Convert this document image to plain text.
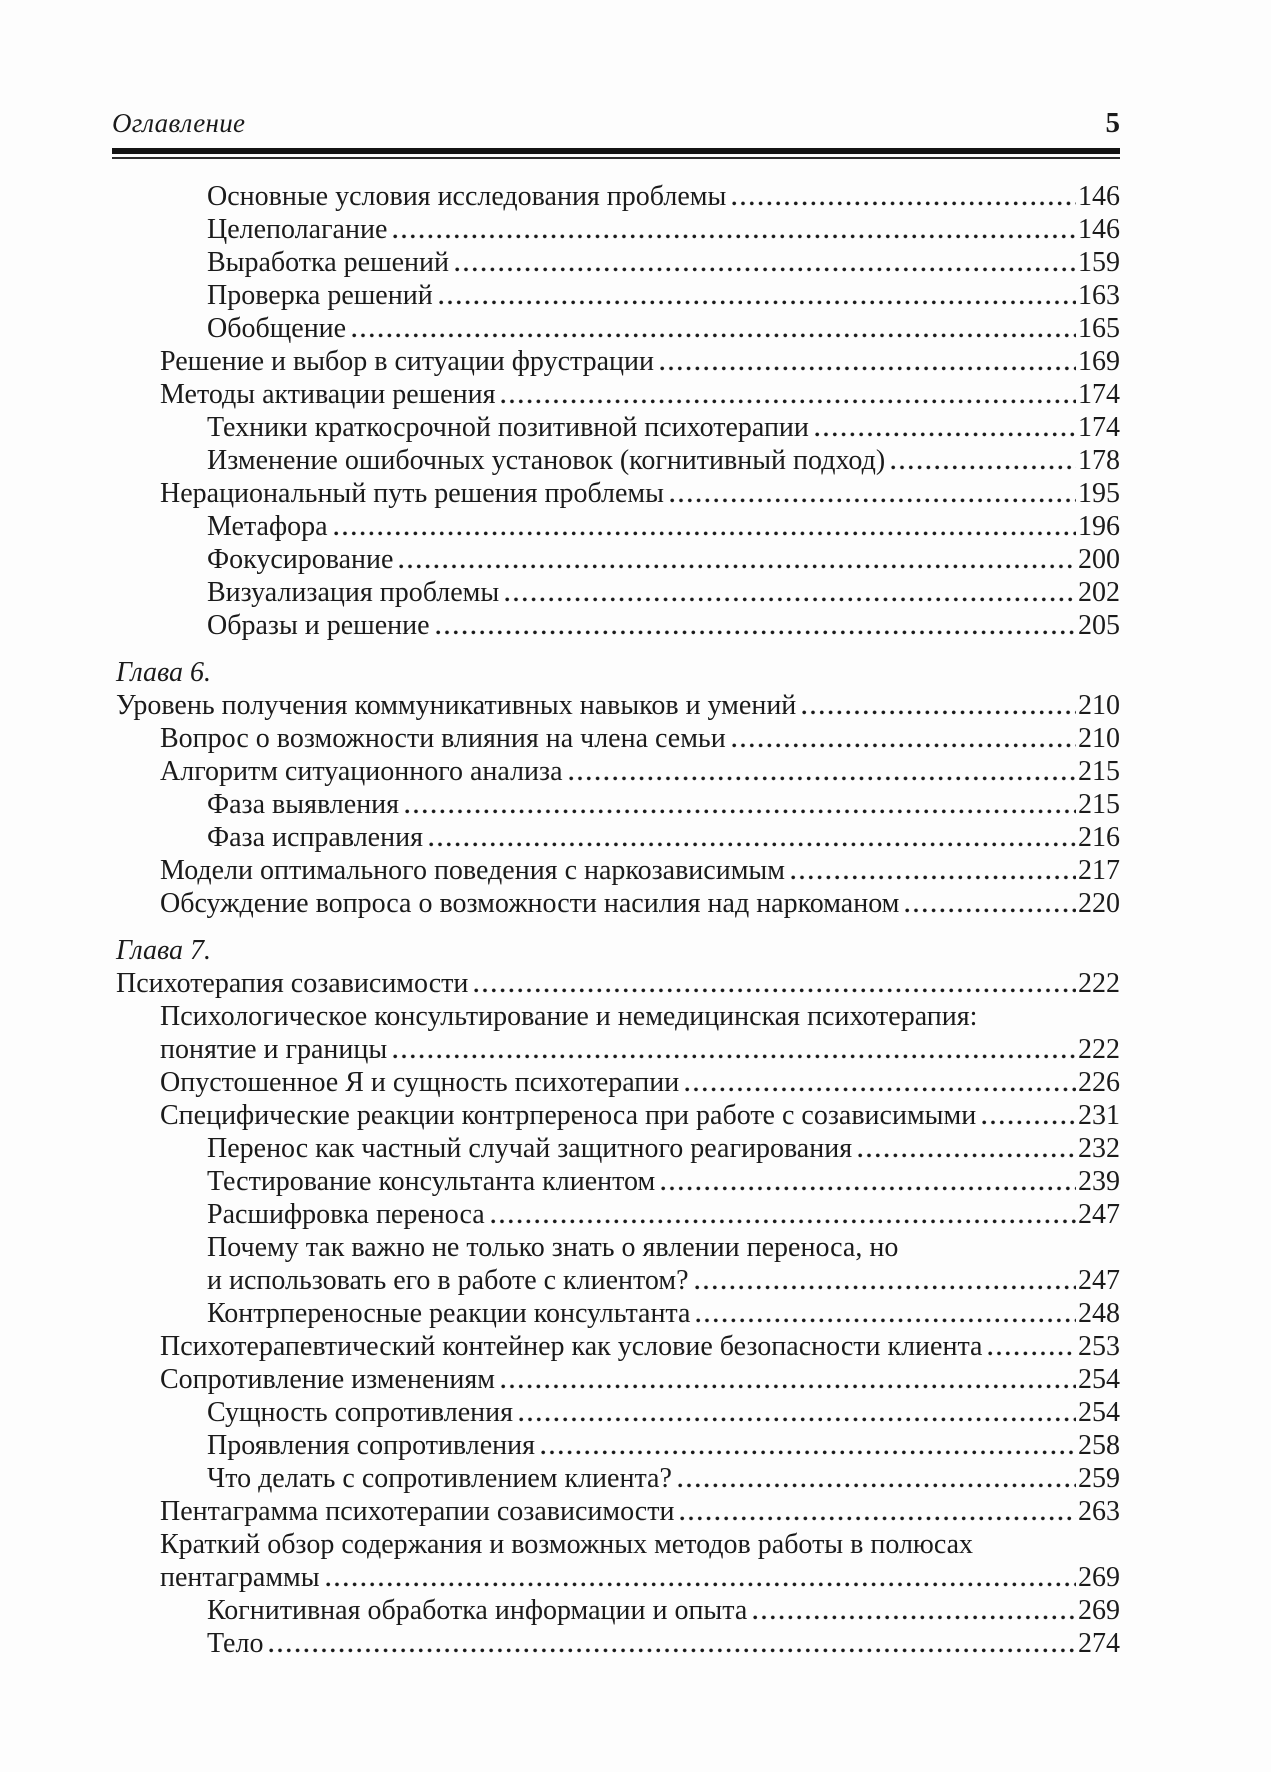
Оглавление	5
Основные условия исследования проблемы	146
Целеполагание	146
Выработка решений	159
Проверка решений	163
Обобщение	165
Решение и выбор в ситуации фрустрации	169
Методы активации решения	174
Техники краткосрочной позитивной психотерапии	174
Изменение ошибочных установок (когнитивный подход)	178
Нерациональный путь решения проблемы	195
Метафора	196
Фокусирование	200
Визуализация проблемы	202
Образы и решение	205
Глава 6.
Уровень получения коммуникативных навыков и умений	210
Вопрос о возможности влияния на члена семьи	210
Алгоритм ситуационного анализа	215
Фаза выявления	215
Фаза исправления	216
Модели оптимального поведения с наркозависимым	217
Обсуждение вопроса о возможности насилия над наркоманом	220
Глава 7.
Психотерапия созависимости	222
Психологическое консультирование и немедицинская психотерапия:
понятие и границы	222
Опустошенное Я и сущность психотерапии	226
Специфические реакции контрпереноса при работе с созависимыми	231
Перенос как частный случай защитного реагирования	232
Тестирование консультанта клиентом	239
Расшифровка переноса	247
Почему так важно не только знать о явлении переноса, но
и использовать его в работе с клиентом?	247
Контрпереносные реакции консультанта	248
Психотерапевтический контейнер как условие безопасности клиента	253
Сопротивление изменениям	254
Сущность сопротивления	254
Проявления сопротивления	258
Что делать с сопротивлением клиента?	259
Пентаграмма психотерапии созависимости	263
Краткий обзор содержания и возможных методов работы в полюсах
пентаграммы	269
Когнитивная обработка информации и опыта	269
Тело	274
